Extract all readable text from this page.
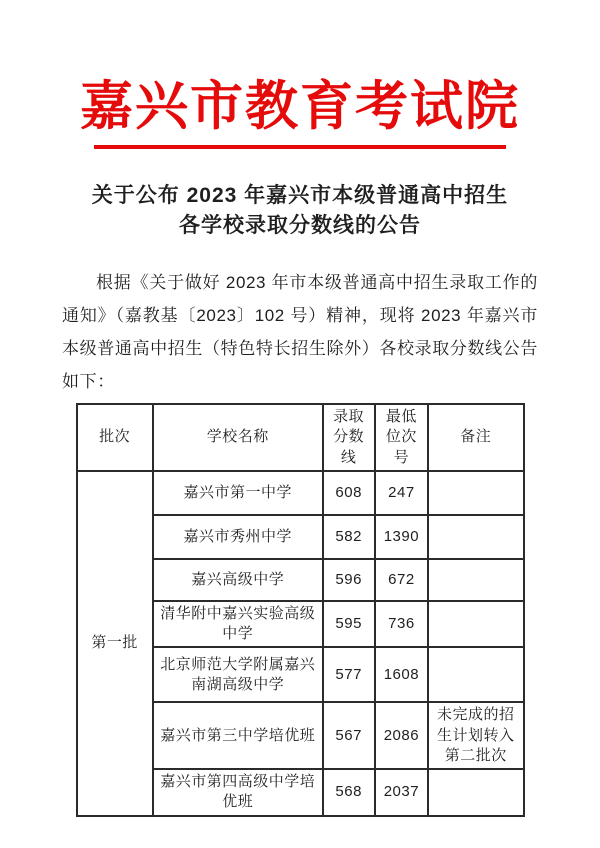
嘉兴市教育考试院
关于公布 2023 年嘉兴市本级普通高中招生
各学校录取分数线的公告

根据《关于做好 2023 年市本级普通高中招生录取工作的通知》（嘉教基〔2023〕102 号）精神，现将 2023 年嘉兴市本级普通高中招生（特色特长招生除外）各校录取分数线公告如下：

批次	学校名称	录取分数线	最低位次号	备注
第一批	嘉兴市第一中学	608	247	
	嘉兴市秀州中学	582	1390	
	嘉兴高级中学	596	672	
	清华附中嘉兴实验高级中学	595	736	
	北京师范大学附属嘉兴南湖高级中学	577	1608	
	嘉兴市第三中学培优班	567	2086	未完成的招生计划转入第二批次
	嘉兴市第四高级中学培优班	568	2037	
